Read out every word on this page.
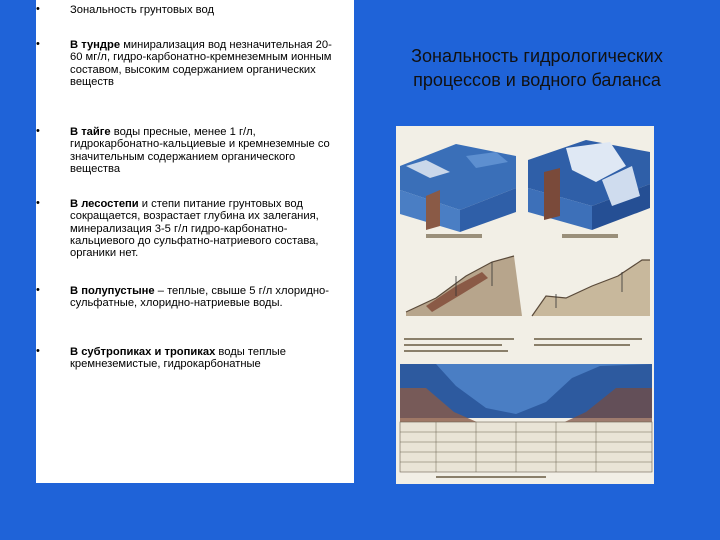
•	Зональность грунтовых вод
•	В тундре минирализация вод незначительная 20-60 мг/л, гидро-карбонатно-кремнеземным ионным составом, высоким содержанием органических веществ
•	В тайге воды пресные, менее 1 г/л, гидрокарбонатно-кальциевые и кремнеземные со значительным содержанием органического вещества
•	В лесостепи и степи питание грунтовых вод сокращается, возрастает глубина их залегания, минерализация 3-5 г/л гидро-карбонатно-кальциевого до сульфатно-натриевого состава, органики нет.
•	В полупустыне – теплые, свыше 5 г/л хлоридно-сульфатные, хлоридно-натриевые воды.
•	В субтропиках и тропиках воды теплые кремнеземистые, гидрокарбонатные
Зональность гидрологических
процессов и водного баланса
